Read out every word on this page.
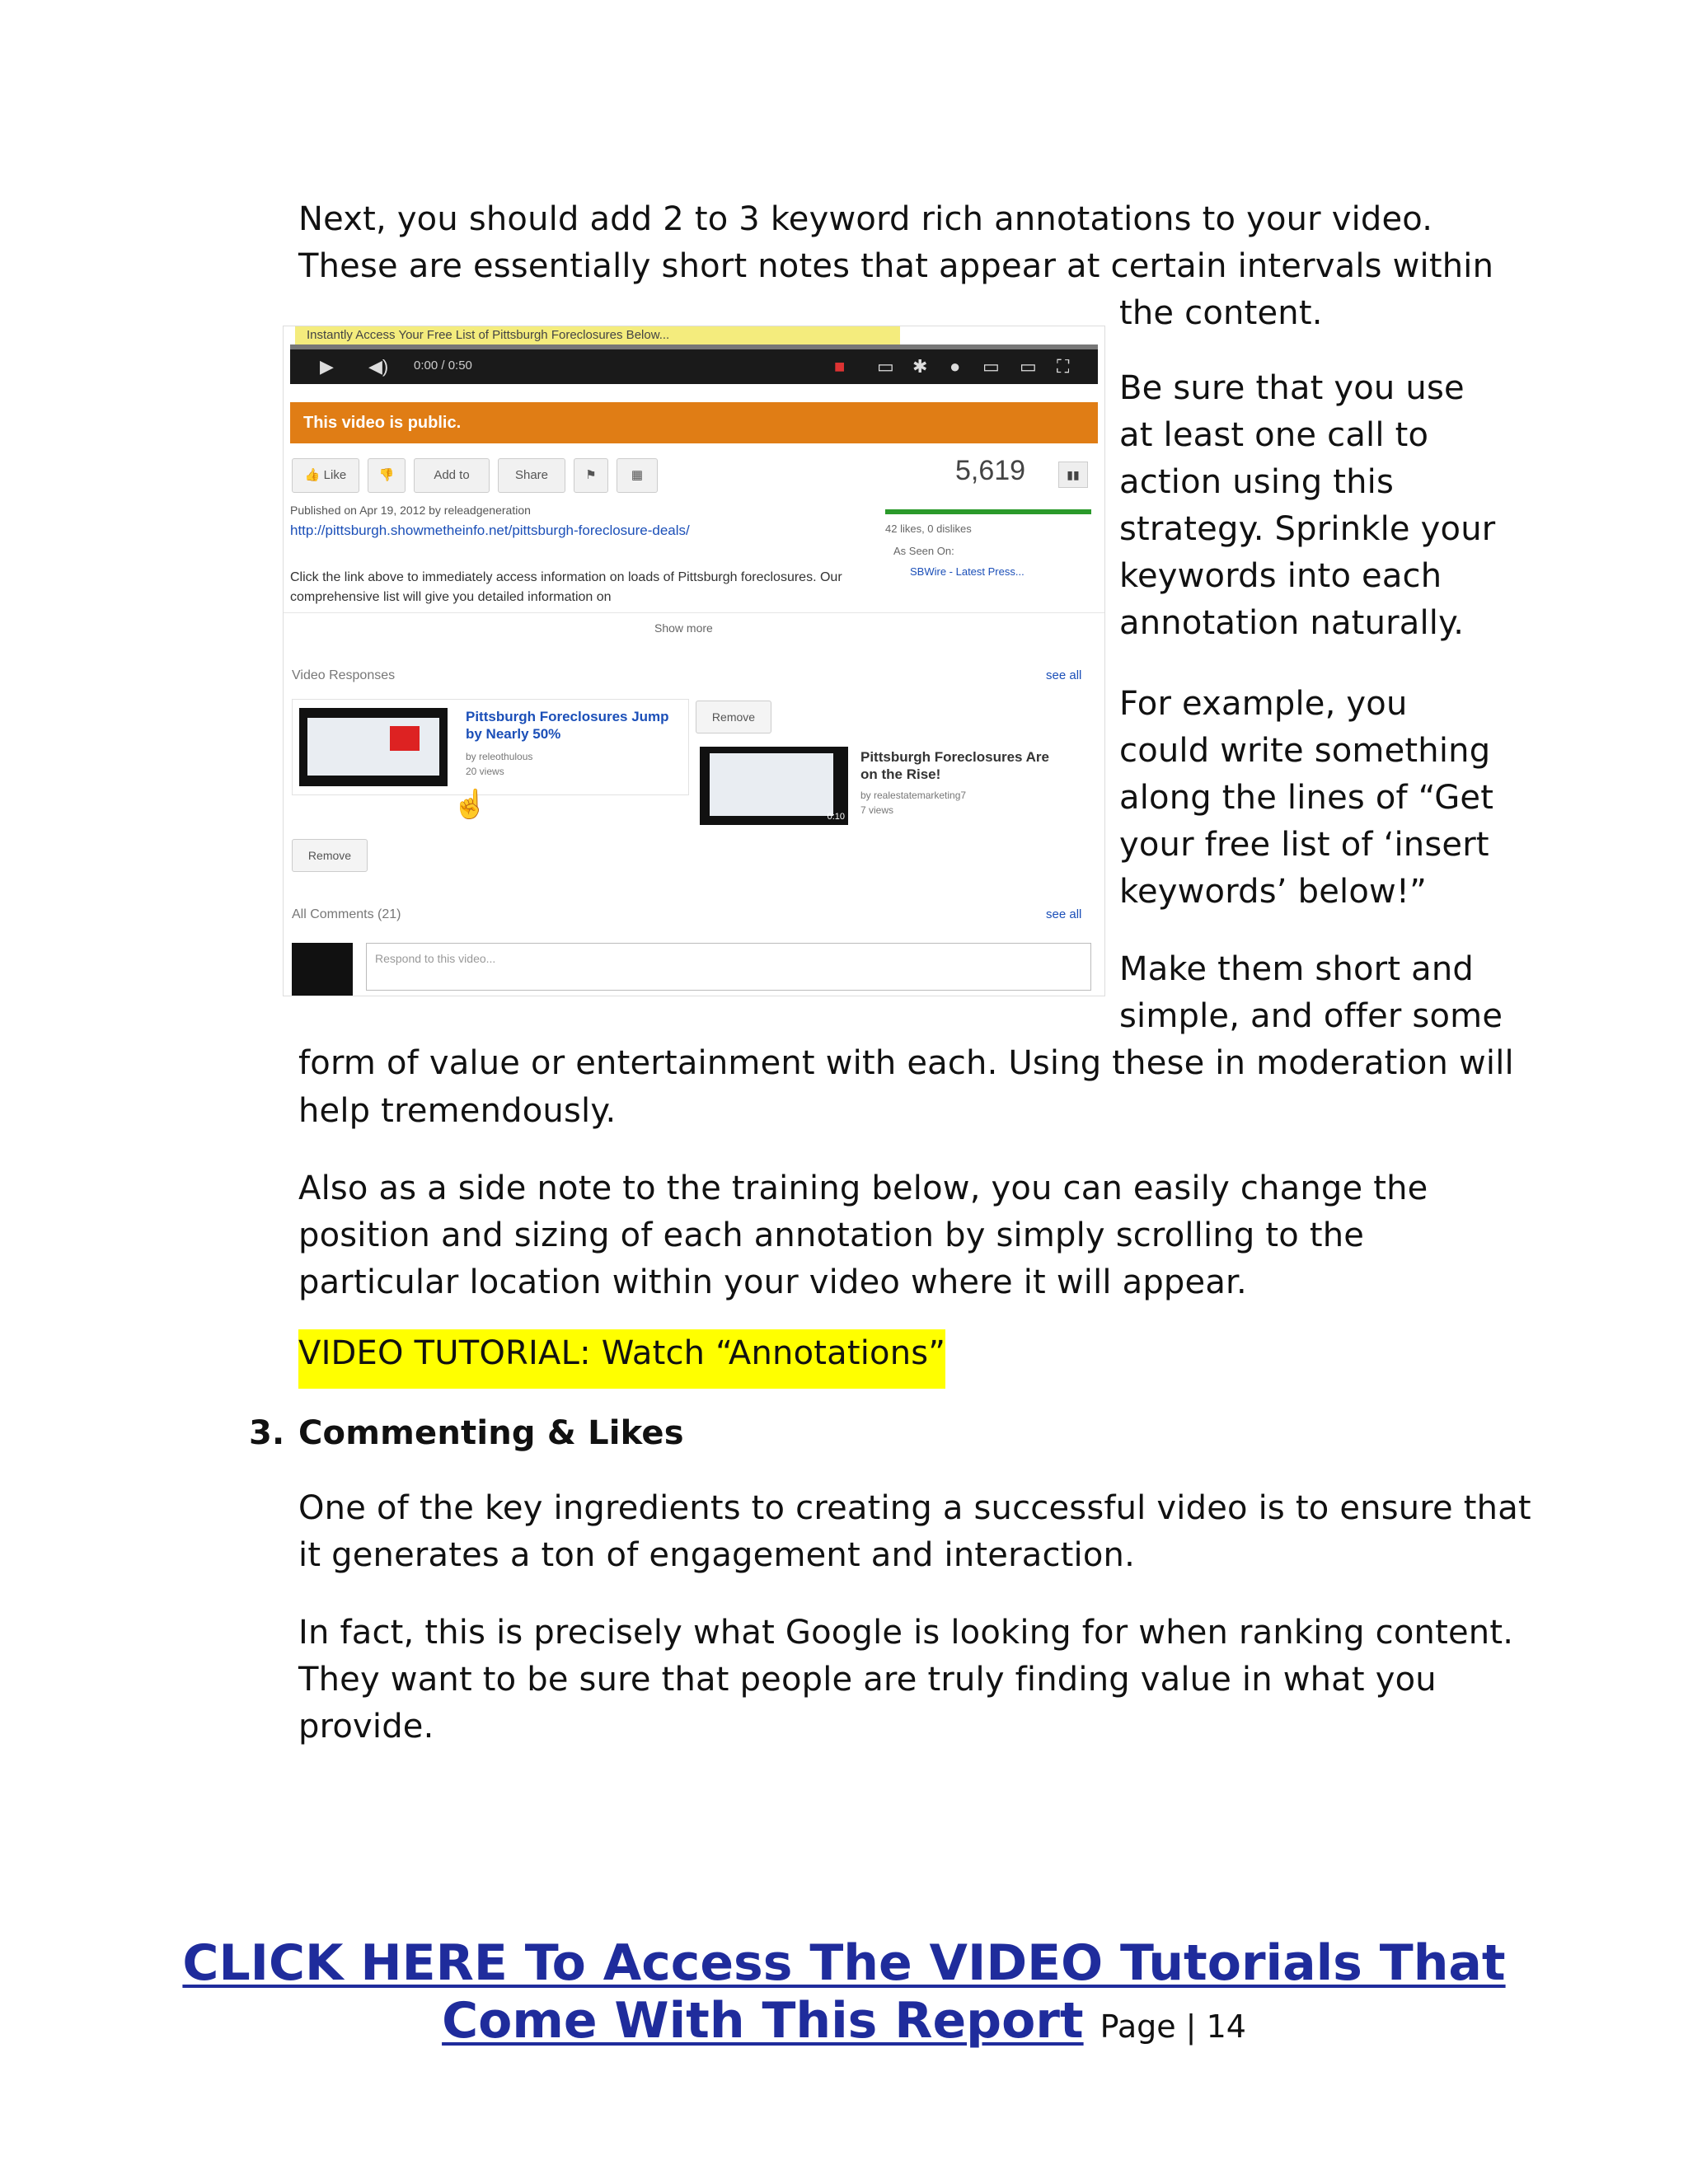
Next, you should add 2 to 3 keyword rich annotations to your video.

These are essentially short notes that appear at certain intervals within

the content.

Be sure that you use at least one call to action using this strategy. Sprinkle your keywords into each annotation naturally.

For example, you could write something along the lines of “Get your free list of ‘insert keywords’ below!”

Make them short and simple, and offer some

form of value or entertainment with each. Using these in moderation will

help tremendously.

Also as a side note to the training below, you can easily change the

position and sizing of each annotation by simply scrolling to the

particular location within your video where it will appear.

VIDEO TUTORIAL: Watch “Annotations”

3. Commenting & Likes

One of the key ingredients to creating a successful video is to ensure that

it generates a ton of engagement and interaction.

In fact, this is precisely what Google is looking for when ranking content.

They want to be sure that people are truly finding value in what you

provide.

Instantly Access Your Free List of Pittsburgh Foreclosures Below...
▶ ◀) 0:00 / 0:50	■ ▭ ✱ ● ▭ ▭ ⛶
This video is public.
👍 Like	👎	Add to	Share	⚑	▦	5,619	▮▮
Published on Apr 19, 2012 by releadgeneration
http://pittsburgh.showmetheinfo.net/pittsburgh-foreclosure-deals/	42 likes, 0 dislikes
As Seen On:
SBWire - Latest Press...
Click the link above to immediately access information on loads of Pittsburgh foreclosures. Our comprehensive list will give you detailed information on
Show more
Video Responses	see all
Pittsburgh Foreclosures Jump by Nearly 50%
by releothulous
20 views
☝
Remove
0:10
Pittsburgh Foreclosures Are on the Rise!
by realestatemarketing7
7 views
Remove
All Comments (21)	see all
Respond to this video...
CLICK HERE To Access The VIDEO Tutorials That
Come With This Report Page | 14
